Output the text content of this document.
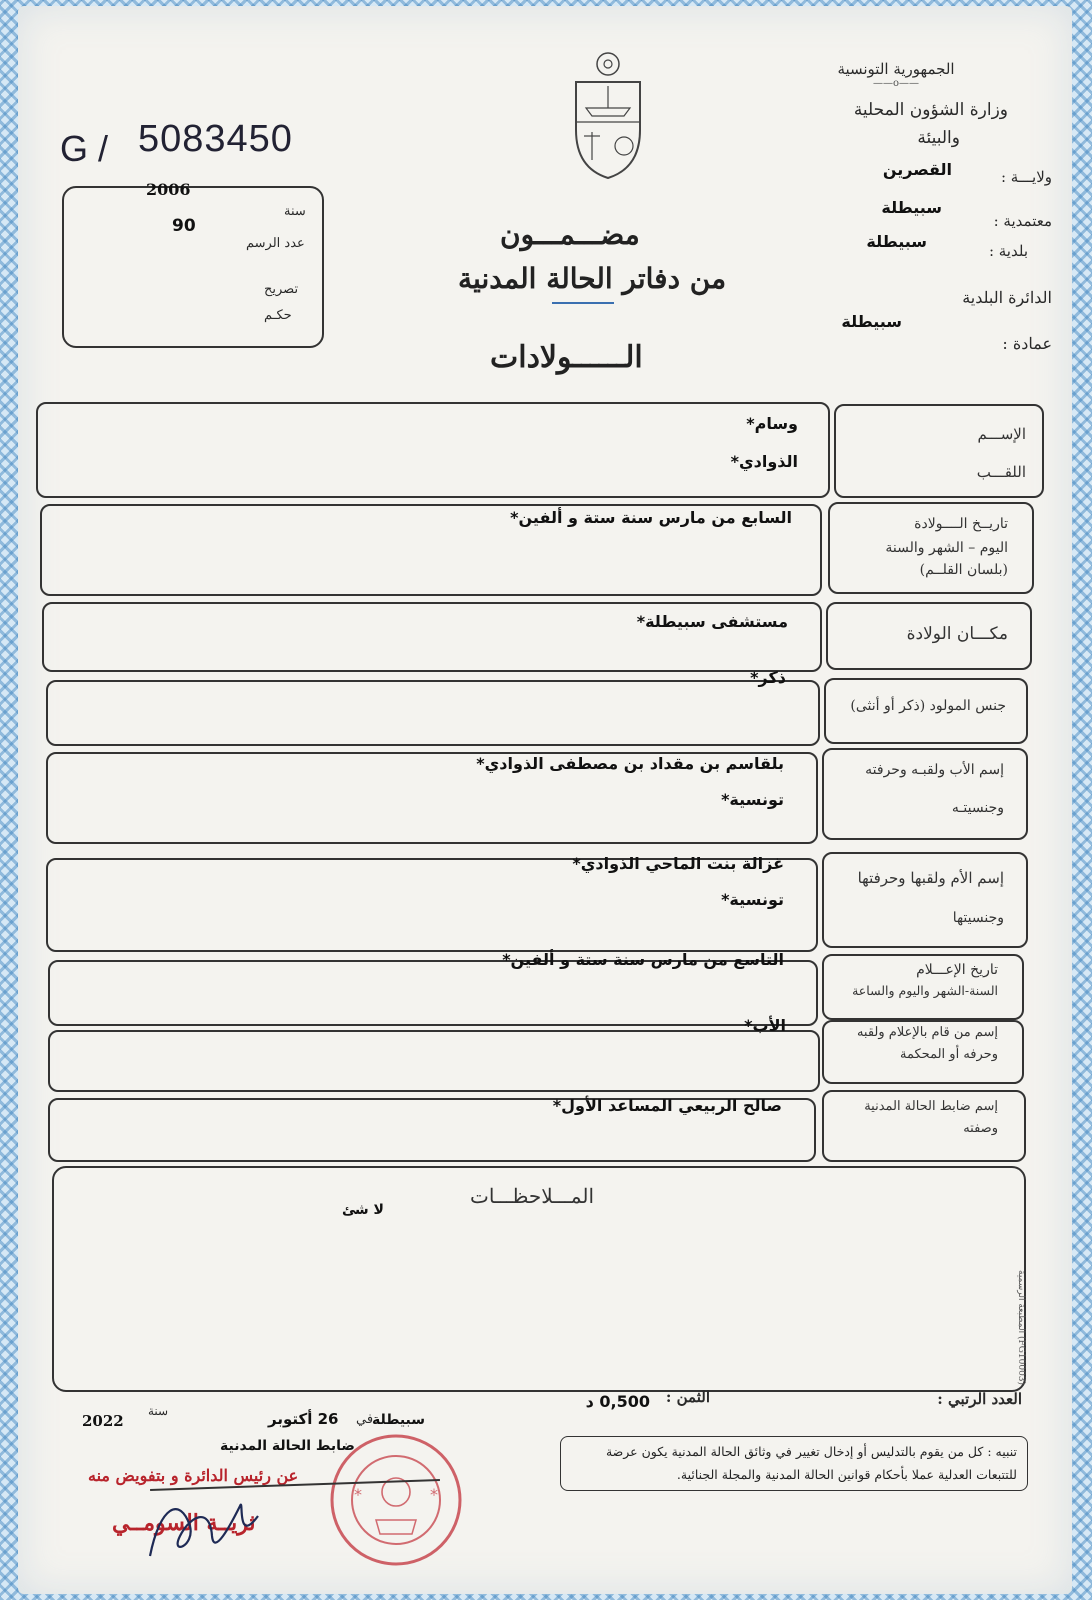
الجمهورية التونسية
——o——
وزارة الشؤون المحلية
والبيئة
ولايـــة :
القصرين
سبيطلة
معتمدية :
سبيطلة	بلدية :
الدائرة البلدية
سبيطلة
عمادة :
G / 5083450
2006
سنة
90
عدد الرسم
تصريح
حكـم
مضـــمـــون
من دفاتر الحالة المدنية
الــــــولادات
الإســـم
اللقـــب
وسام*
الذوادي*
تاريــخ الــــولادة
اليوم – الشهر والسنة
(بلسان القلــم)
السابع من مارس سنة ستة و ألفين*
مكـــان الولادة
مستشفى سبيطلة*
جنس المولود (ذكر أو أنثى)
ذكر*
إسم الأب ولقبـه وحرفته
وجنسيتـه
بلقاسم بن مقداد بن مصطفى الذوادي*
تونسية*
إسم الأم ولقبها وحرفتها
وجنسيتها
غزالة بنت الماحي الذوادي*
تونسية*
تاريخ الإعـــلام
السنة-الشهر واليوم والساعة
التاسع من مارس سنة ستة و ألفين*
إسم من قام بالإعلام ولقبه
وحرفه أو المحكمة
الأب*
إسم ضابط الحالة المدنية
وصفته
صالح الربيعي المساعد الأول*
المـــلاحظـــات
لا شئ
المطبعة الرسمية (FG10003)
العدد الرتبي :
الثمن :
0,500 د
تنبيه : كل من يقوم بالتدليس أو إدخال تغيير في وثائق الحالة المدنية يكون عرضة للتتبعات العدلية عملا بأحكام قوانين الحالة المدنية والمجلة الجنائية.
سبيطلة
في
26 أكتوبر
سنة
2022
ضابط الحالة المدنية
*	*
عن رئيس الدائرة و بتفويض منه
ثريــة السومــي
